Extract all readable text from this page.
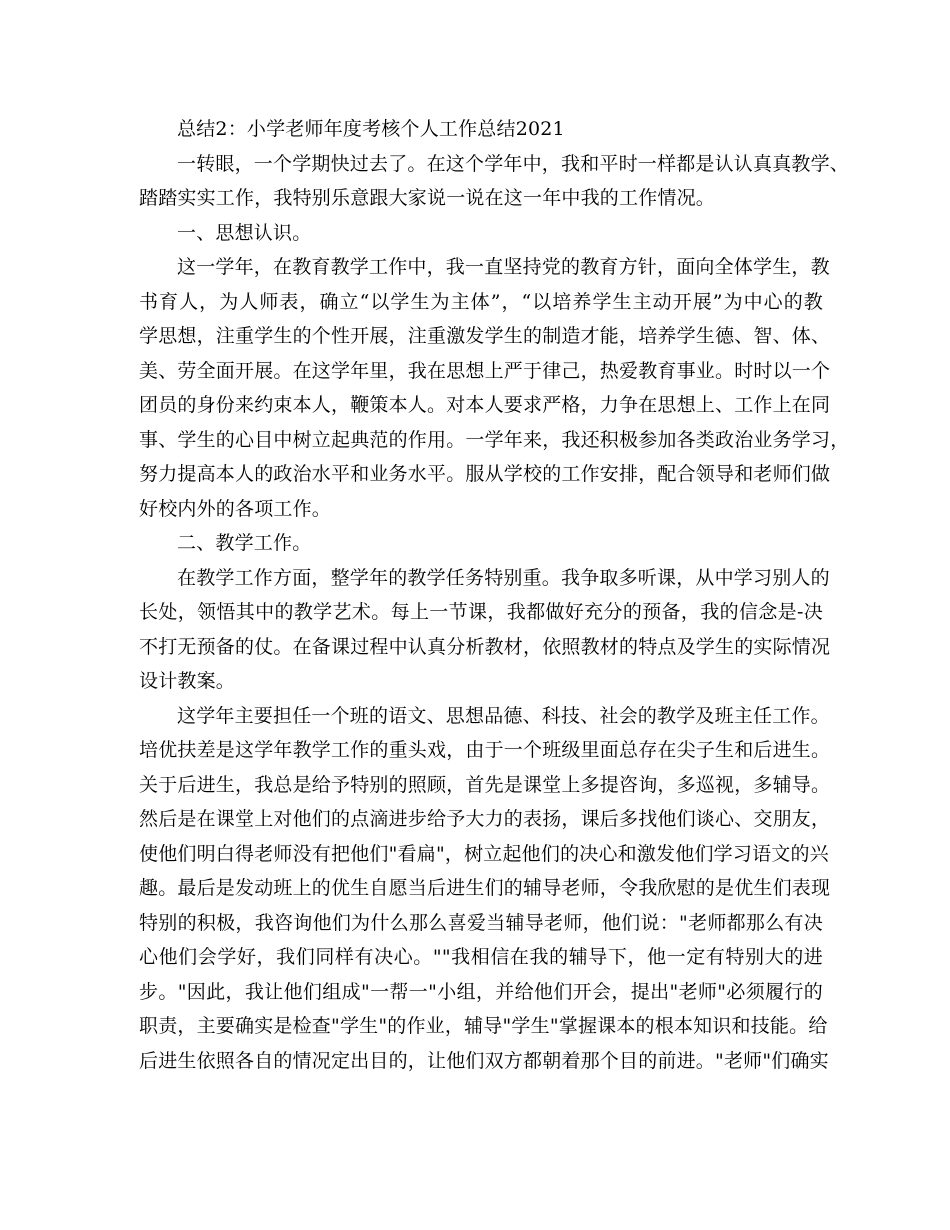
总结2：小学老师年度考核个人工作总结2021
一转眼，一个学期快过去了。在这个学年中，我和平时一样都是认认真真教学、
踏踏实实工作，我特别乐意跟大家说一说在这一年中我的工作情况。
一、思想认识。
这一学年，在教育教学工作中，我一直坚持党的教育方针，面向全体学生，教
书育人，为人师表，确立“以学生为主体”，“以培养学生主动开展”为中心的教
学思想，注重学生的个性开展，注重激发学生的制造才能，培养学生德、智、体、
美、劳全面开展。在这学年里，我在思想上严于律己，热爱教育事业。时时以一个
团员的身份来约束本人，鞭策本人。对本人要求严格，力争在思想上、工作上在同
事、学生的心目中树立起典范的作用。一学年来，我还积极参加各类政治业务学习，
努力提高本人的政治水平和业务水平。服从学校的工作安排，配合领导和老师们做
好校内外的各项工作。
二、教学工作。
在教学工作方面，整学年的教学任务特别重。我争取多听课，从中学习别人的
长处，领悟其中的教学艺术。每上一节课，我都做好充分的预备，我的信念是-决
不打无预备的仗。在备课过程中认真分析教材，依照教材的特点及学生的实际情况
设计教案。
这学年主要担任一个班的语文、思想品德、科技、社会的教学及班主任工作。
培优扶差是这学年教学工作的重头戏，由于一个班级里面总存在尖子生和后进生。
关于后进生，我总是给予特别的照顾，首先是课堂上多提咨询，多巡视，多辅导。
然后是在课堂上对他们的点滴进步给予大力的表扬，课后多找他们谈心、交朋友，
使他们明白得老师没有把他们"看扁"，树立起他们的决心和激发他们学习语文的兴
趣。最后是发动班上的优生自愿当后进生们的辅导老师，令我欣慰的是优生们表现
特别的积极，我咨询他们为什么那么喜爱当辅导老师，他们说："老师都那么有决
心他们会学好，我们同样有决心。""我相信在我的辅导下，他一定有特别大的进
步。"因此，我让他们组成"一帮一"小组，并给他们开会，提出"老师"必须履行的
职责，主要确实是检查"学生"的作业，辅导"学生"掌握课本的根本知识和技能。给
后进生依照各自的情况定出目的，让他们双方都朝着那个目的前进。"老师"们确实
